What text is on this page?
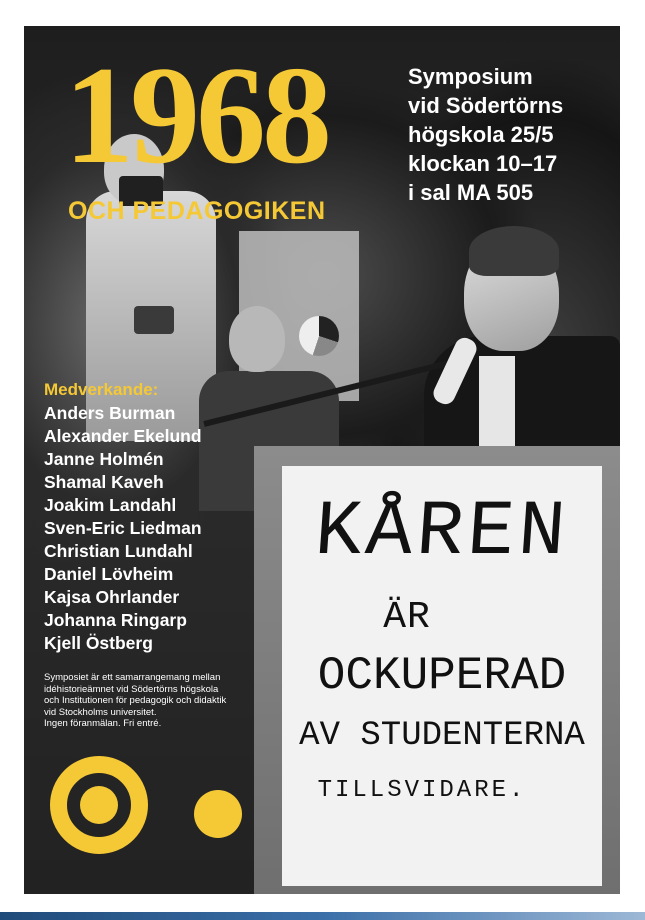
KÅREN
ÄR
OCKUPERAD
AV STUDENTERNA
TILLSVIDARE.
1968
OCH PEDAGOGIKEN
Symposium
vid Södertörns
högskola 25/5
klockan 10–17
i sal MA 505
Medverkande:
Anders Burman
Alexander Ekelund
Janne Holmén
Shamal Kaveh
Joakim Landahl
Sven-Eric Liedman
Christian Lundahl
Daniel Lövheim
Kajsa Ohrlander
Johanna Ringarp
Kjell Östberg
Symposiet är ett samarrangemang mellan
idéhistorieämnet vid Södertörns högskola
och Institutionen för pedagogik och didaktik
vid Stockholms universitet.
Ingen föranmälan. Fri entré.
